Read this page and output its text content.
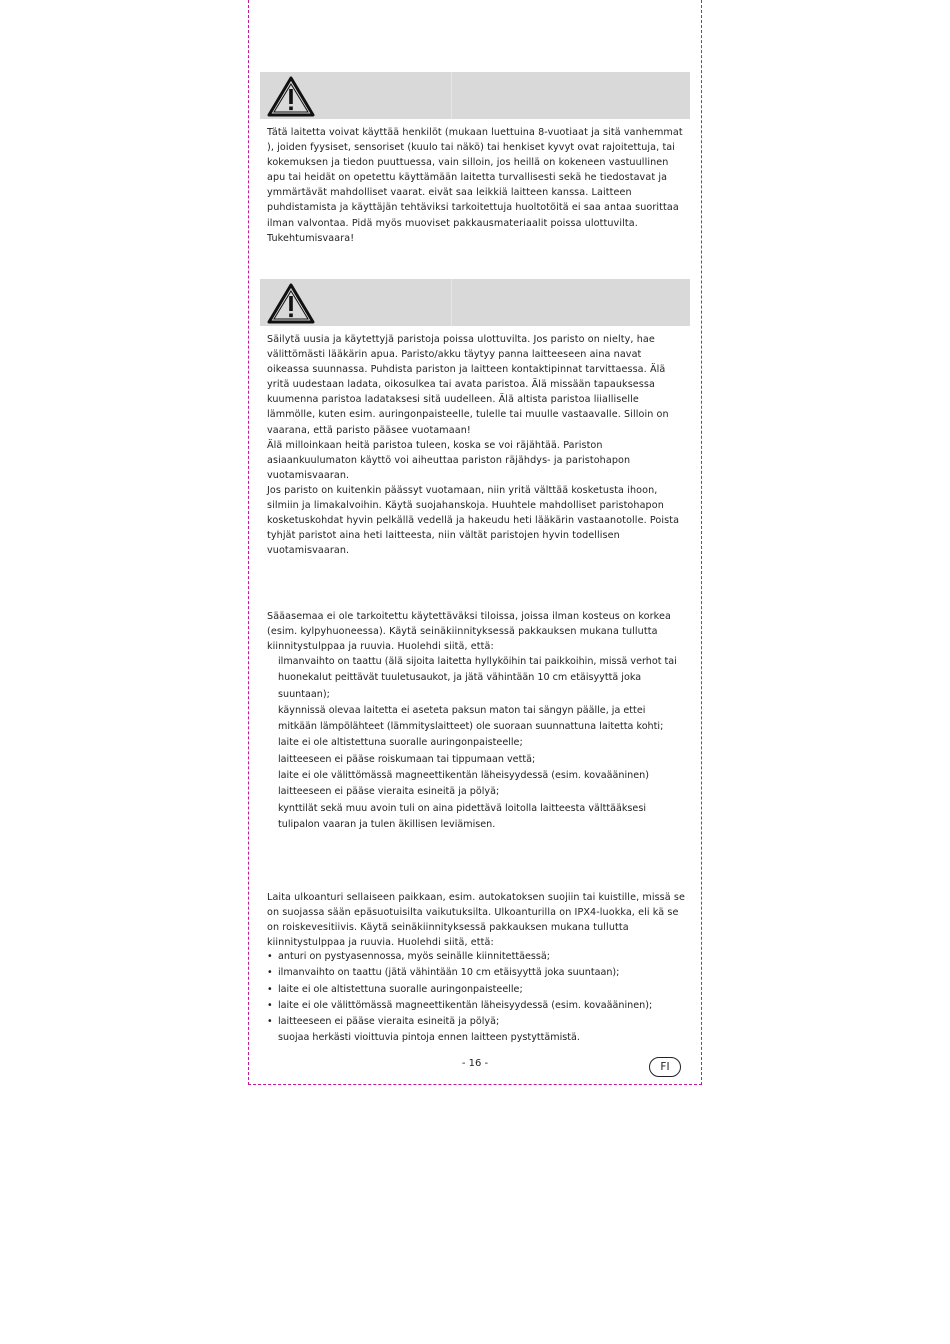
Tätä laitetta voivat käyttää henkilöt (mukaan luettuina 8-vuotiaat ja sitä vanhemmat ), joiden fyysiset, sensoriset (kuulo tai näkö) tai henkiset kyvyt ovat rajoitettuja, tai kokemuksen ja tiedon puuttuessa, vain silloin, jos heillä on kokeneen vastuullinen apu tai heidät on opetettu käyttämään laitetta turvallisesti sekä he tiedostavat ja ymmärtävät mahdolliset vaarat. eivät saa leikkiä laitteen kanssa. Laitteen puhdistamista ja käyttäjän tehtäviksi tarkoitettuja huoltotöitä ei saa antaa suorittaa ilman valvontaa. Pidä myös muoviset pakkausmateriaalit poissa ulottuvilta. Tukehtumisvaara!

Säilytä uusia ja käytettyjä paristoja poissa ulottuvilta. Jos paristo on nielty, hae välittömästi lääkärin apua. Paristo/akku täytyy panna laitteeseen aina navat oikeassa suunnassa. Puhdista pariston ja laitteen kontaktipinnat tarvittaessa. Älä yritä uudestaan ladata, oikosulkea tai avata paristoa. Älä missään tapauksessa kuumenna paristoa ladataksesi sitä uudelleen. Älä altista paristoa liialliselle lämmölle, kuten esim. auringonpaisteelle, tulelle tai muulle vastaavalle. Silloin on vaarana, että paristo pääsee vuotamaan!

Älä milloinkaan heitä paristoa tuleen, koska se voi räjähtää. Pariston asiaankuulumaton käyttö voi aiheuttaa pariston räjähdys- ja paristohapon vuotamisvaaran.

Jos paristo on kuitenkin päässyt vuotamaan, niin yritä välttää kosketusta ihoon, silmiin ja limakalvoihin. Käytä suojahanskoja. Huuhtele mahdolliset paristohapon kosketuskohdat hyvin pelkällä vedellä ja hakeudu heti lääkärin vastaanotolle. Poista tyhjät paristot aina heti laitteesta, niin vältät paristojen hyvin todellisen vuotamisvaaran.

Sääasemaa ei ole tarkoitettu käytettäväksi tiloissa, joissa ilman kosteus on korkea (esim. kylpyhuoneessa). Käytä seinäkiinnityksessä pakkauksen mukana tullutta kiinnitystulppaa ja ruuvia. Huolehdi siitä, että:

ilmanvaihto on taattu (älä sijoita laitetta hyllyköihin tai paikkoihin, missä verhot tai huonekalut peittävät tuuletusaukot, ja jätä vähintään 10 cm etäisyyttä joka suuntaan);
käynnissä olevaa laitetta ei aseteta paksun maton tai sängyn päälle, ja ettei mitkään lämpölähteet (lämmityslaitteet) ole suoraan suunnattuna laitetta kohti;
laite ei ole altistettuna suoralle auringonpaisteelle;
laitteeseen ei pääse roiskumaan tai tippumaan vettä;
laite ei ole välittömässä magneettikentän läheisyydessä (esim. kovaääninen)
laitteeseen ei pääse vieraita esineitä ja pölyä;
kynttilät sekä muu avoin tuli on aina pidettävä loitolla laitteesta välttääksesi tulipalon vaaran ja tulen äkillisen leviämisen.

Laita ulkoanturi sellaiseen paikkaan, esim. autokatoksen suojiin tai kuistille, missä se on suojassa sään epäsuotuisilta vaikutuksilta. Ulkoanturilla on IPX4-luokka, eli kä se on roiskevesitiivis. Käytä seinäkiinnityksessä pakkauksen mukana tullutta kiinnitystulppaa ja ruuvia. Huolehdi siitä, että:

• anturi on pystyasennossa, myös seinälle kiinnitettäessä;
• ilmanvaihto on taattu (jätä vähintään 10 cm etäisyyttä joka suuntaan);
• laite ei ole altistettuna suoralle auringonpaisteelle;
• laite ei ole välittömässä magneettikentän läheisyydessä (esim. kovaääninen);
• laitteeseen ei pääse vieraita esineitä ja pölyä;
suojaa herkästi vioittuvia pintoja ennen laitteen pystyttämistä.
- 16 -	FI
